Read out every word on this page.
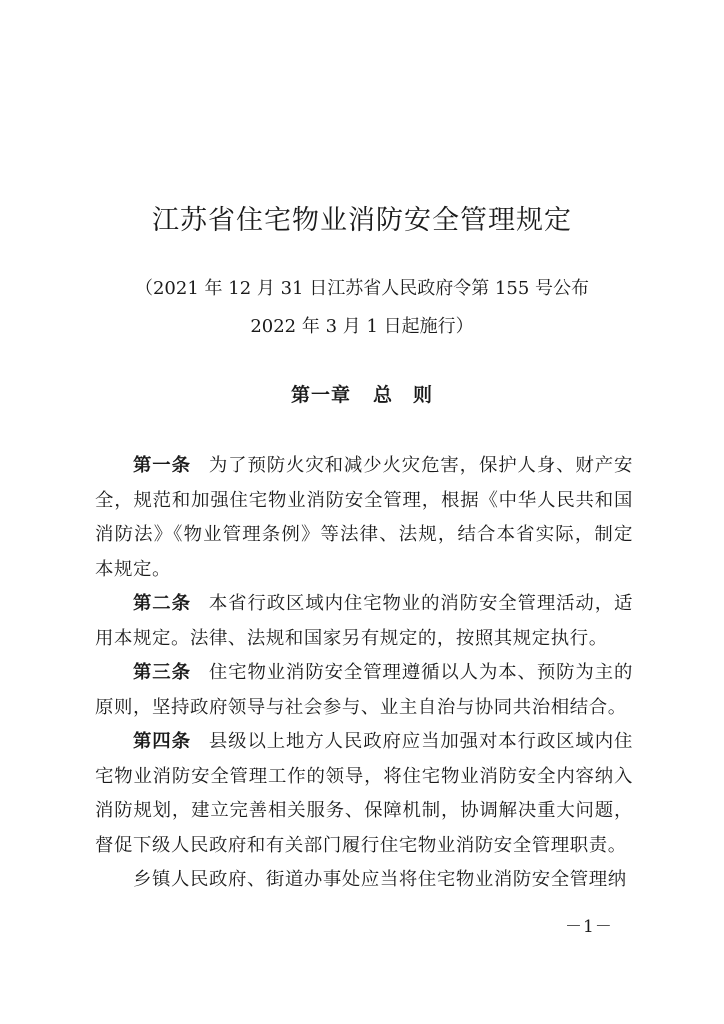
江苏省住宅物业消防安全管理规定
（2021 年 12 月 31 日江苏省人民政府令第 155 号公布
2022 年 3 月 1 日起施行）
第一章 总　则

第一条 为了预防火灾和减少火灾危害，保护人身、财产安全，规范和加强住宅物业消防安全管理，根据《中华人民共和国消防法》《物业管理条例》等法律、法规，结合本省实际，制定本规定。

第二条 本省行政区域内住宅物业的消防安全管理活动，适用本规定。法律、法规和国家另有规定的，按照其规定执行。

第三条 住宅物业消防安全管理遵循以人为本、预防为主的原则，坚持政府领导与社会参与、业主自治与协同共治相结合。

第四条 县级以上地方人民政府应当加强对本行政区域内住宅物业消防安全管理工作的领导，将住宅物业消防安全内容纳入消防规划，建立完善相关服务、保障机制，协调解决重大问题，督促下级人民政府和有关部门履行住宅物业消防安全管理职责。

乡镇人民政府、街道办事处应当将住宅物业消防安全管理纳

－1－
